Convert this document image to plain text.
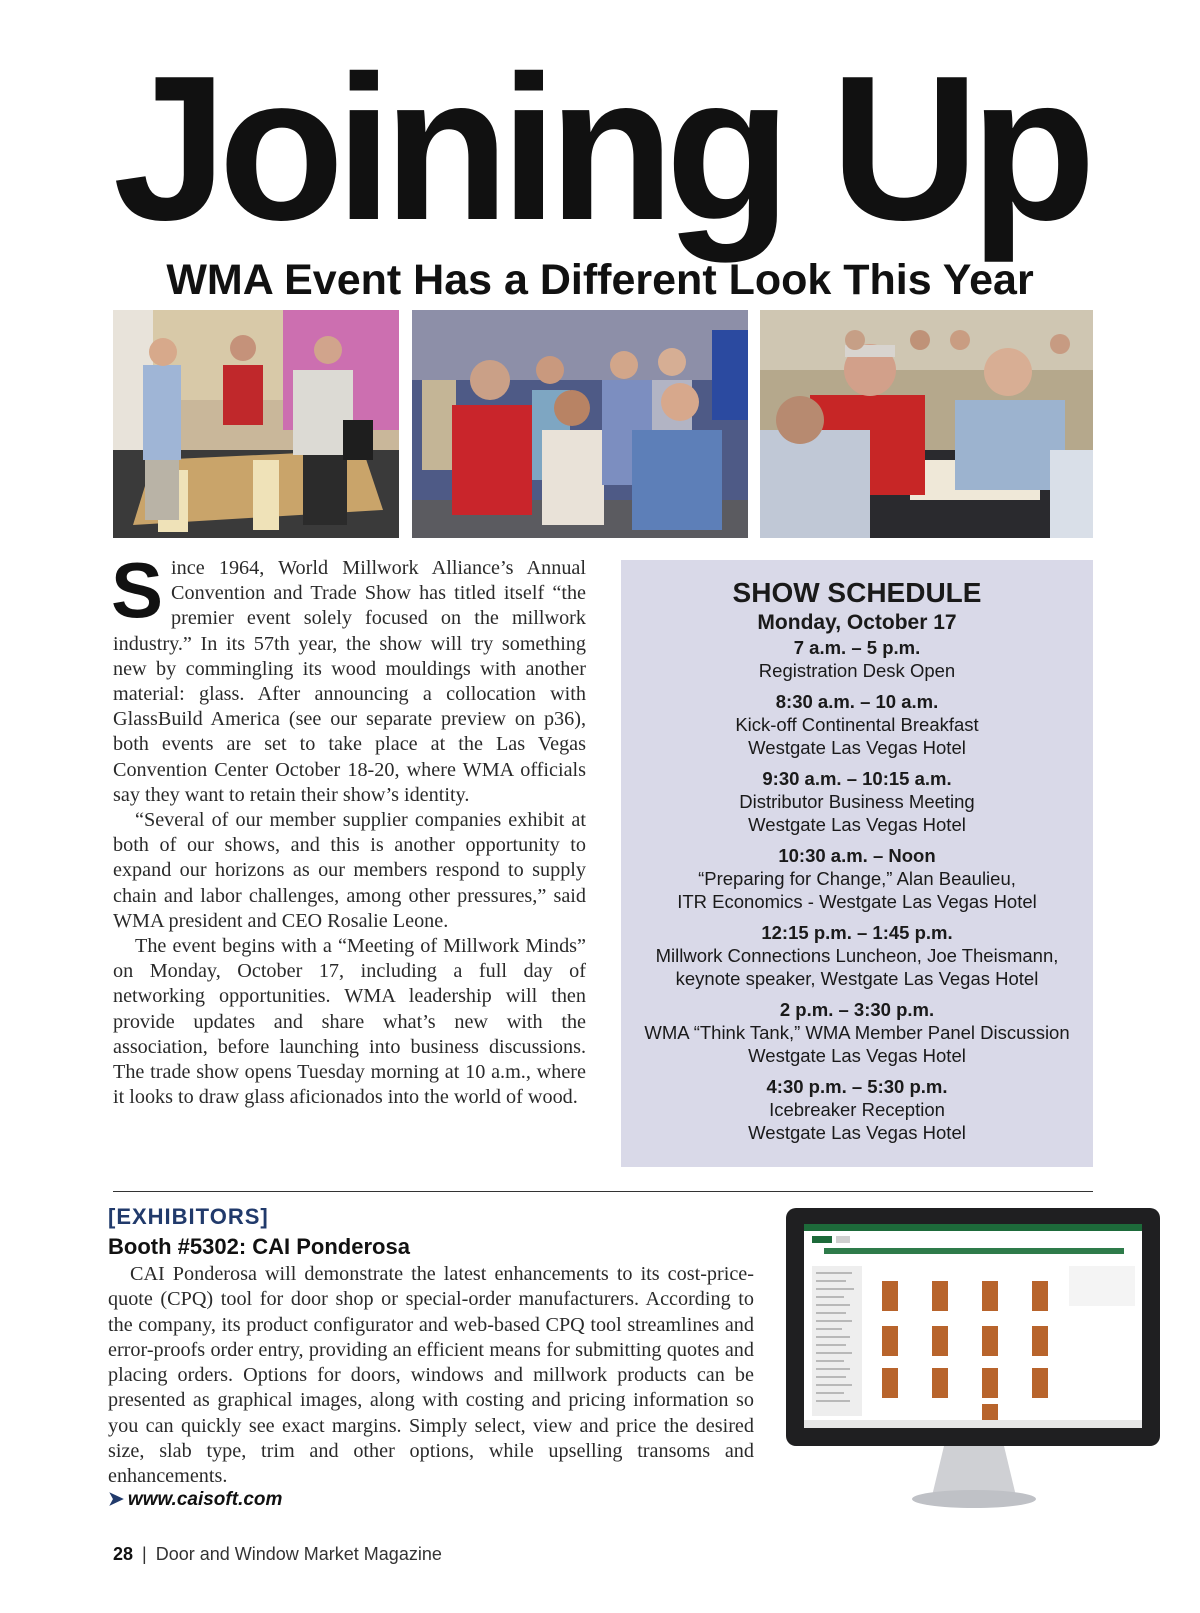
Joining Up
WMA Event Has a Different Look This Year

Since 1964, World Millwork Alliance’s Annual Convention and Trade Show has titled itself “the premier event solely focused on the millwork industry.” In its 57th year, the show will try something new by commingling its wood mouldings with another material: glass. After announcing a collocation with GlassBuild America (see our separate preview on p36), both events are set to take place at the Las Vegas Convention Center October 18-20, where WMA officials say they want to retain their show’s identity.

“Several of our member supplier companies exhibit at both of our shows, and this is another opportunity to expand our horizons as our members respond to supply chain and labor challenges, among other pressures,” said WMA president and CEO Rosalie Leone.

The event begins with a “Meeting of Millwork Minds” on Monday, October 17, including a full day of networking opportunities. WMA leadership will then provide updates and share what’s new with the association, before launching into business discussions. The trade show opens Tuesday morning at 10 a.m., where it looks to draw glass aficionados into the world of wood.

SHOW SCHEDULE
Monday, October 17
7 a.m. – 5 p.m.
Registration Desk Open
8:30 a.m. – 10 a.m.
Kick-off Continental Breakfast
Westgate Las Vegas Hotel
9:30 a.m. – 10:15 a.m.
Distributor Business Meeting
Westgate Las Vegas Hotel
10:30 a.m. – Noon
“Preparing for Change,” Alan Beaulieu,
ITR Economics - Westgate Las Vegas Hotel
12:15 p.m. – 1:45 p.m.
Millwork Connections Luncheon, Joe Theismann,
keynote speaker, Westgate Las Vegas Hotel
2 p.m. – 3:30 p.m.
WMA “Think Tank,” WMA Member Panel Discussion
Westgate Las Vegas Hotel
4:30 p.m. – 5:30 p.m.
Icebreaker Reception
Westgate Las Vegas Hotel
[EXHIBITORS]
Booth #5302: CAI Ponderosa

CAI Ponderosa will demonstrate the latest enhancements to its cost-price-quote (CPQ) tool for door shop or special-order manufacturers. According to the company, its product configurator and web-based CPQ tool streamlines and error-proofs order entry, providing an efficient means for submitting quotes and placing orders. Options for doors, windows and millwork products can be presented as graphical images, along with costing and pricing information so you can quickly see exact margins. Simply select, view and price the desired size, slab type, trim and other options, while upselling transoms and enhancements.

➤ www.caisoft.com
28 | Door and Window Market Magazine
